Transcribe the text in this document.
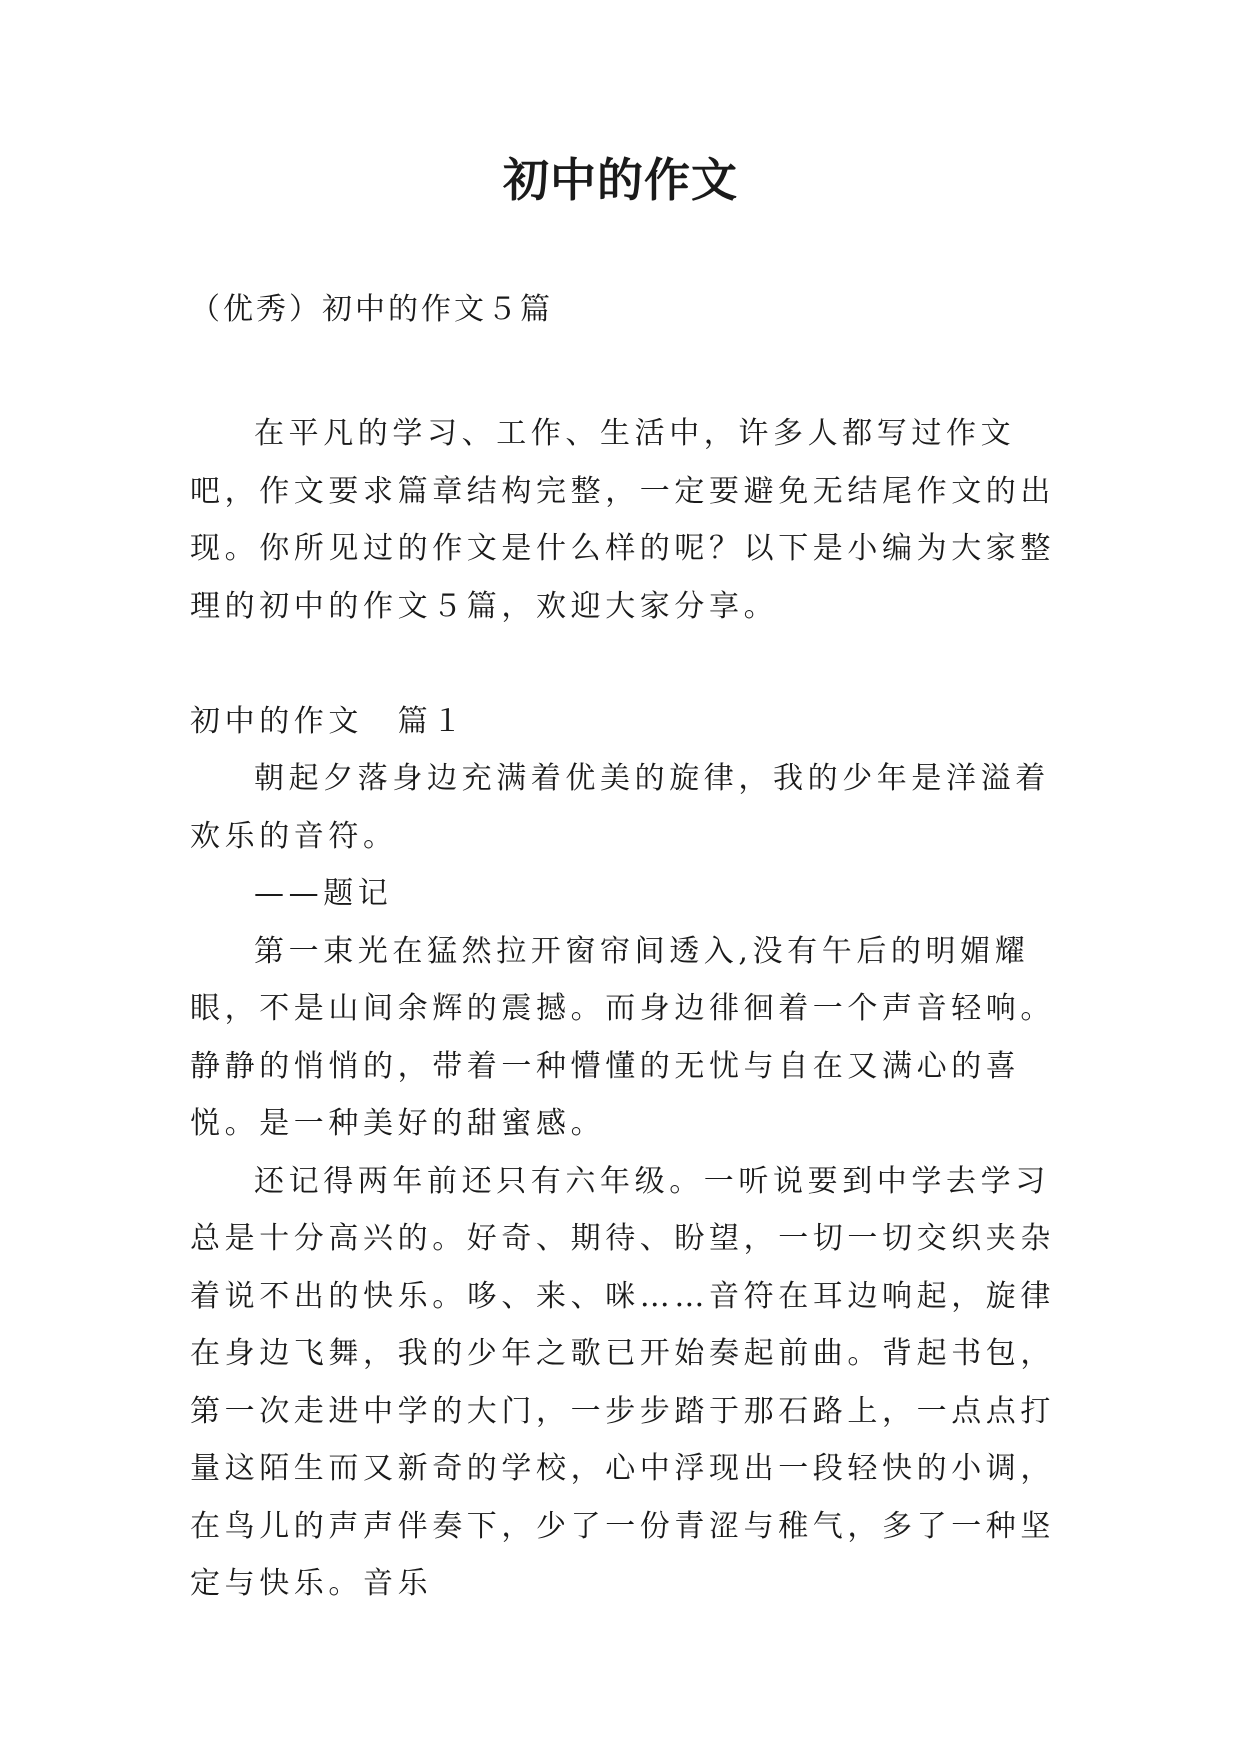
初中的作文
（优秀）初中的作文５篇

在平凡的学习、工作、生活中，许多人都写过作文吧，作文要求篇章结构完整，一定要避免无结尾作文的出现。你所见过的作文是什么样的呢？以下是小编为大家整理的初中的作文５篇，欢迎大家分享。

初中的作文　篇１

朝起夕落身边充满着优美的旋律，我的少年是洋溢着欢乐的音符。

——题记

第一束光在猛然拉开窗帘间透入,没有午后的明媚耀眼，不是山间余辉的震撼。而身边徘徊着一个声音轻响。静静的悄悄的，带着一种懵懂的无忧与自在又满心的喜悦。是一种美好的甜蜜感。

还记得两年前还只有六年级。一听说要到中学去学习总是十分高兴的。好奇、期待、盼望，一切一切交织夹杂着说不出的快乐。哆、来、咪……音符在耳边响起，旋律在身边飞舞，我的少年之歌已开始奏起前曲。背起书包，第一次走进中学的大门，一步步踏于那石路上，一点点打量这陌生而又新奇的学校，心中浮现出一段轻快的小调，在鸟儿的声声伴奏下，少了一份青涩与稚气，多了一种坚定与快乐。音乐
